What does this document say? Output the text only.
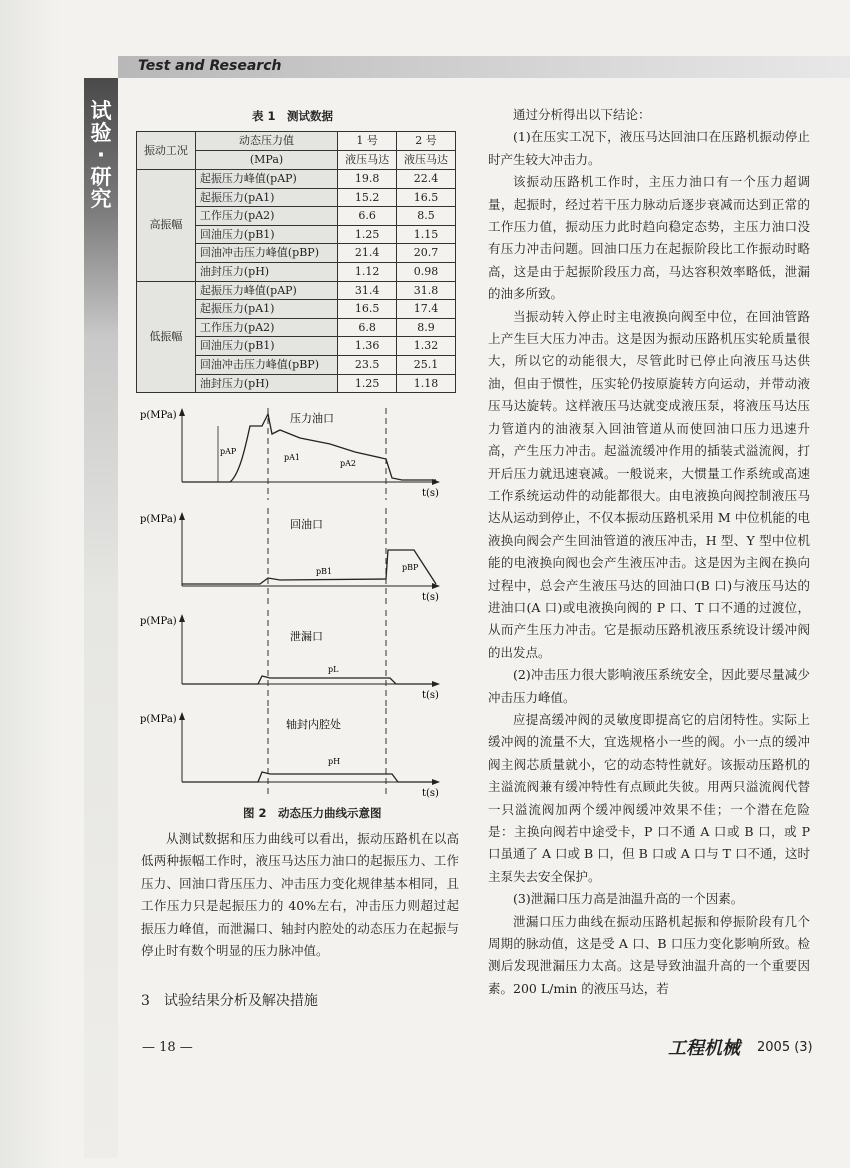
Test and Research
试验·研究
表 1　测试数据
振动工况	动态压力值	1 号	2 号
	(MPa)	液压马达	液压马达
高振幅	起振压力峰值(pAP)	19.8	22.4
	起振压力(pA1)	15.2	16.5
	工作压力(pA2)	6.6	8.5
	回油压力(pB1)	1.25	1.15
	回油冲击压力峰值(pBP)	21.4	20.7
	油封压力(pH)	1.12	0.98
低振幅	起振压力峰值(pAP)	31.4	31.8
	起振压力(pA1)	16.5	17.4
	工作压力(pA2)	6.8	8.9
	回油压力(pB1)	1.36	1.32
	回油冲击压力峰值(pBP)	23.5	25.1
	油封压力(pH)	1.25	1.18
p(MPa)
pAP
pA1
pA2
压力油口
t(s)
p(MPa)
pB1	pBP
回油口
t(s)
p(MPa)
pL
泄漏口
t(s)
p(MPa)
pH
轴封内腔处
t(s)
图 2　动态压力曲线示意图

从测试数据和压力曲线可以看出，振动压路机在以高低两种振幅工作时，液压马达压力油口的起振压力、工作压力、回油口背压压力、冲击压力变化规律基本相同，且工作压力只是起振压力的 40%左右，冲击压力则超过起振压力峰值，而泄漏口、轴封内腔处的动态压力在起振与停止时有数个明显的压力脉冲值。

3　试验结果分析及解决措施

通过分析得出以下结论：

(1)在压实工况下，液压马达回油口在压路机振动停止时产生较大冲击力。

该振动压路机工作时，主压力油口有一个压力超调量，起振时，经过若干压力脉动后逐步衰减而达到正常的工作压力值，振动压力此时趋向稳定态势，主压力油口没有压力冲击问题。回油口压力在起振阶段比工作振动时略高，这是由于起振阶段压力高，马达容积效率略低，泄漏的油多所致。

当振动转入停止时主电液换向阀至中位，在回油管路上产生巨大压力冲击。这是因为振动压路机压实轮质量很大，所以它的动能很大，尽管此时已停止向液压马达供油，但由于惯性，压实轮仍按原旋转方向运动，并带动液压马达旋转。这样液压马达就变成液压泵，将液压马达压力管道内的油液泵入回油管道从而使回油口压力迅速升高，产生压力冲击。起溢流缓冲作用的插装式溢流阀，打开后压力就迅速衰减。一般说来，大惯量工作系统或高速工作系统运动件的动能都很大。由电液换向阀控制液压马达从运动到停止，不仅本振动压路机采用 M 中位机能的电液换向阀会产生回油管道的液压冲击，H 型、Y 型中位机能的电液换向阀也会产生液压冲击。这是因为主阀在换向过程中，总会产生液压马达的回油口(B 口)与液压马达的进油口(A 口)或电液换向阀的 P 口、T 口不通的过渡位，从而产生压力冲击。它是振动压路机液压系统设计缓冲阀的出发点。

(2)冲击压力很大影响液压系统安全，因此要尽量减少冲击压力峰值。

应提高缓冲阀的灵敏度即提高它的启闭特性。实际上缓冲阀的流量不大，宜选规格小一些的阀。小一点的缓冲阀主阀芯质量就小，它的动态特性就好。该振动压路机的主溢流阀兼有缓冲特性有点顾此失彼。用两只溢流阀代替一只溢流阀加两个缓冲阀缓冲效果不佳；一个潜在危险是：主换向阀若中途受卡，P 口不通 A 口或 B 口，或 P 口虽通了 A 口或 B 口，但 B 口或 A 口与 T 口不通，这时主泵失去安全保护。

(3)泄漏口压力高是油温升高的一个因素。

泄漏口压力曲线在振动压路机起振和停振阶段有几个周期的脉动值，这是受 A 口、B 口压力变化影响所致。检测后发现泄漏压力太高。这是导致油温升高的一个重要因素。200 L/min 的液压马达，若

— 18 —	工程机械 2005 (3)
